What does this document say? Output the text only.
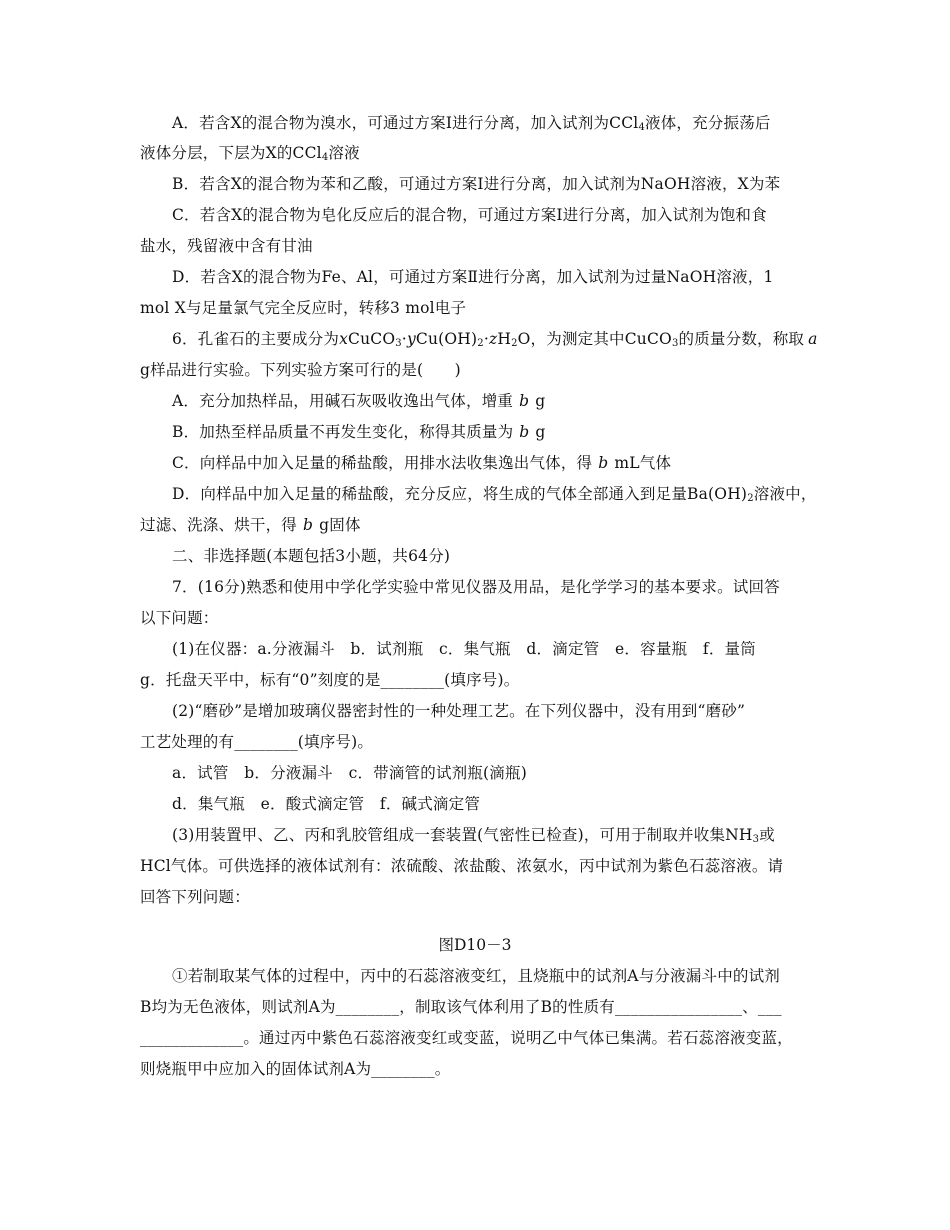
A．若含X的混合物为溴水，可通过方案Ⅰ进行分离，加入试剂为CCl$_4$液体，充分振荡后
液体分层，下层为X的CCl$_4$溶液
B．若含X的混合物为苯和乙酸，可通过方案Ⅰ进行分离，加入试剂为NaOH溶液，X为苯
C．若含X的混合物为皂化反应后的混合物，可通过方案Ⅰ进行分离，加入试剂为饱和食
盐水，残留液中含有甘油
D．若含X的混合物为Fe、Al，可通过方案Ⅱ进行分离，加入试剂为过量NaOH溶液，1
mol X与足量氯气完全反应时，转移3 mol电子
6．孔雀石的主要成分为$xCuCO_3\cdot yCu(OH)_2\cdot zH_2O$，为测定其中CuCO$_3$的质量分数，称取 a
g样品进行实验。下列实验方案可行的是(　　)
A．充分加热样品，用碱石灰吸收逸出气体，增重 b g
B．加热至样品质量不再发生变化，称得其质量为 b g
C．向样品中加入足量的稀盐酸，用排水法收集逸出气体，得 b mL气体
D．向样品中加入足量的稀盐酸，充分反应，将生成的气体全部通入到足量$Ba(OH)_2$溶液中，
过滤、洗涤、烘干，得 b g固体
二、非选择题(本题包括3小题，共64分)
7．(16分)熟悉和使用中学化学实验中常见仪器及用品，是化学学习的基本要求。试回答
以下问题：
(1)在仪器：a.分液漏斗　b．试剂瓶　c．集气瓶　d．滴定管　e．容量瓶　f．量筒
g．托盘天平中，标有“0”刻度的是________(填序号)。
(2)“磨砂”是增加玻璃仪器密封性的一种处理工艺。在下列仪器中，没有用到“磨砂”
工艺处理的有________(填序号)。
a．试管　b．分液漏斗　c．带滴管的试剂瓶(滴瓶)
d．集气瓶　e．酸式滴定管　f．碱式滴定管
(3)用装置甲、乙、丙和乳胶管组成一套装置(气密性已检查)，可用于制取并收集$NH_3$或
HCl气体。可供选择的液体试剂有：浓硫酸、浓盐酸、浓氨水，丙中试剂为紫色石蕊溶液。请
回答下列问题：
图D10－3
①若制取某气体的过程中，丙中的石蕊溶液变红，且烧瓶中的试剂A与分液漏斗中的试剂
B均为无色液体，则试剂A为________，制取该气体利用了B的性质有________________、___
_____________。通过丙中紫色石蕊溶液变红或变蓝，说明乙中气体已集满。若石蕊溶液变蓝，
则烧瓶甲中应加入的固体试剂A为________。
